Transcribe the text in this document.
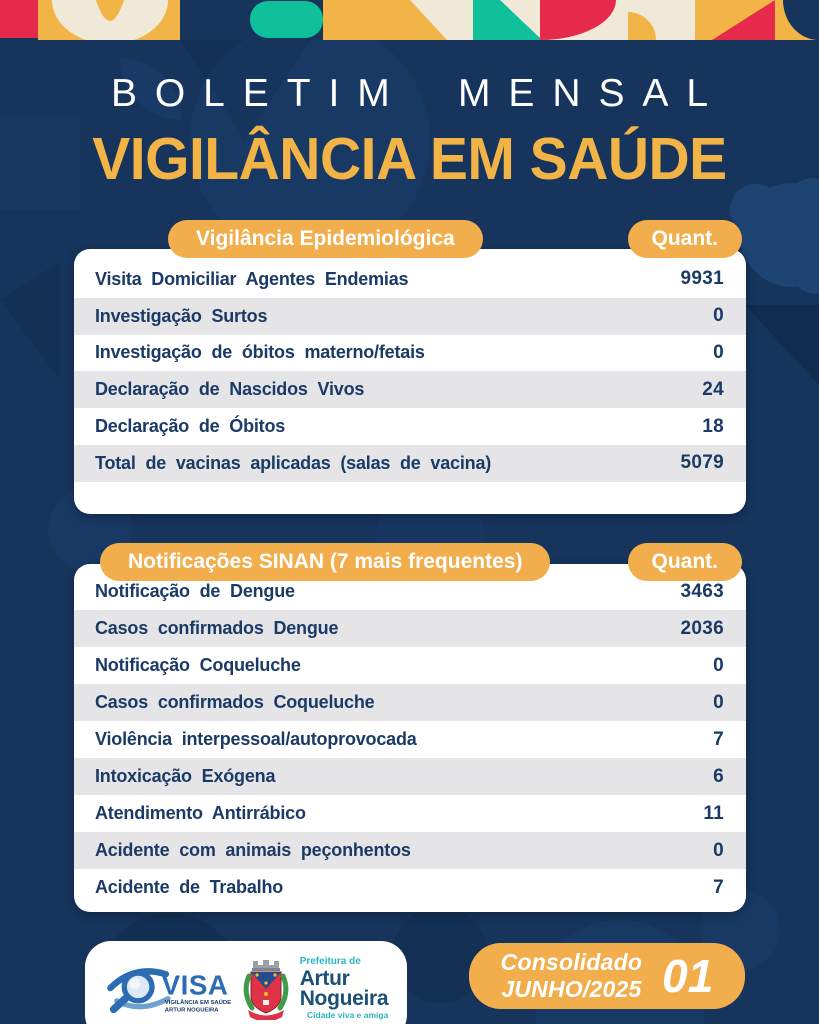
BOLETIM MENSAL
VIGILÂNCIA EM SAÚDE
Vigilância Epidemiológica	Quant.
Visita Domiciliar Agentes Endemias	9931
Investigação Surtos	0
Investigação de óbitos materno/fetais	0
Declaração de Nascidos Vivos	24
Declaração de Óbitos	18
Total de vacinas aplicadas (salas de vacina)	5079
Notificações SINAN (7 mais frequentes)	Quant.
Notificação de Dengue	3463
Casos confirmados Dengue	2036
Notificação Coqueluche	0
Casos confirmados Coqueluche	0
Violência interpessoal/autoprovocada	7
Intoxicação Exógena	6
Atendimento Antirrábico	11
Acidente com animais peçonhentos	0
Acidente de Trabalho	7
VISA
VIGILÂNCIA EM SAÚDE
ARTUR NOGUEIRA
Prefeitura de
Artur
Nogueira
Cidade viva e amiga
Consolidado
JUNHO/2025 01
